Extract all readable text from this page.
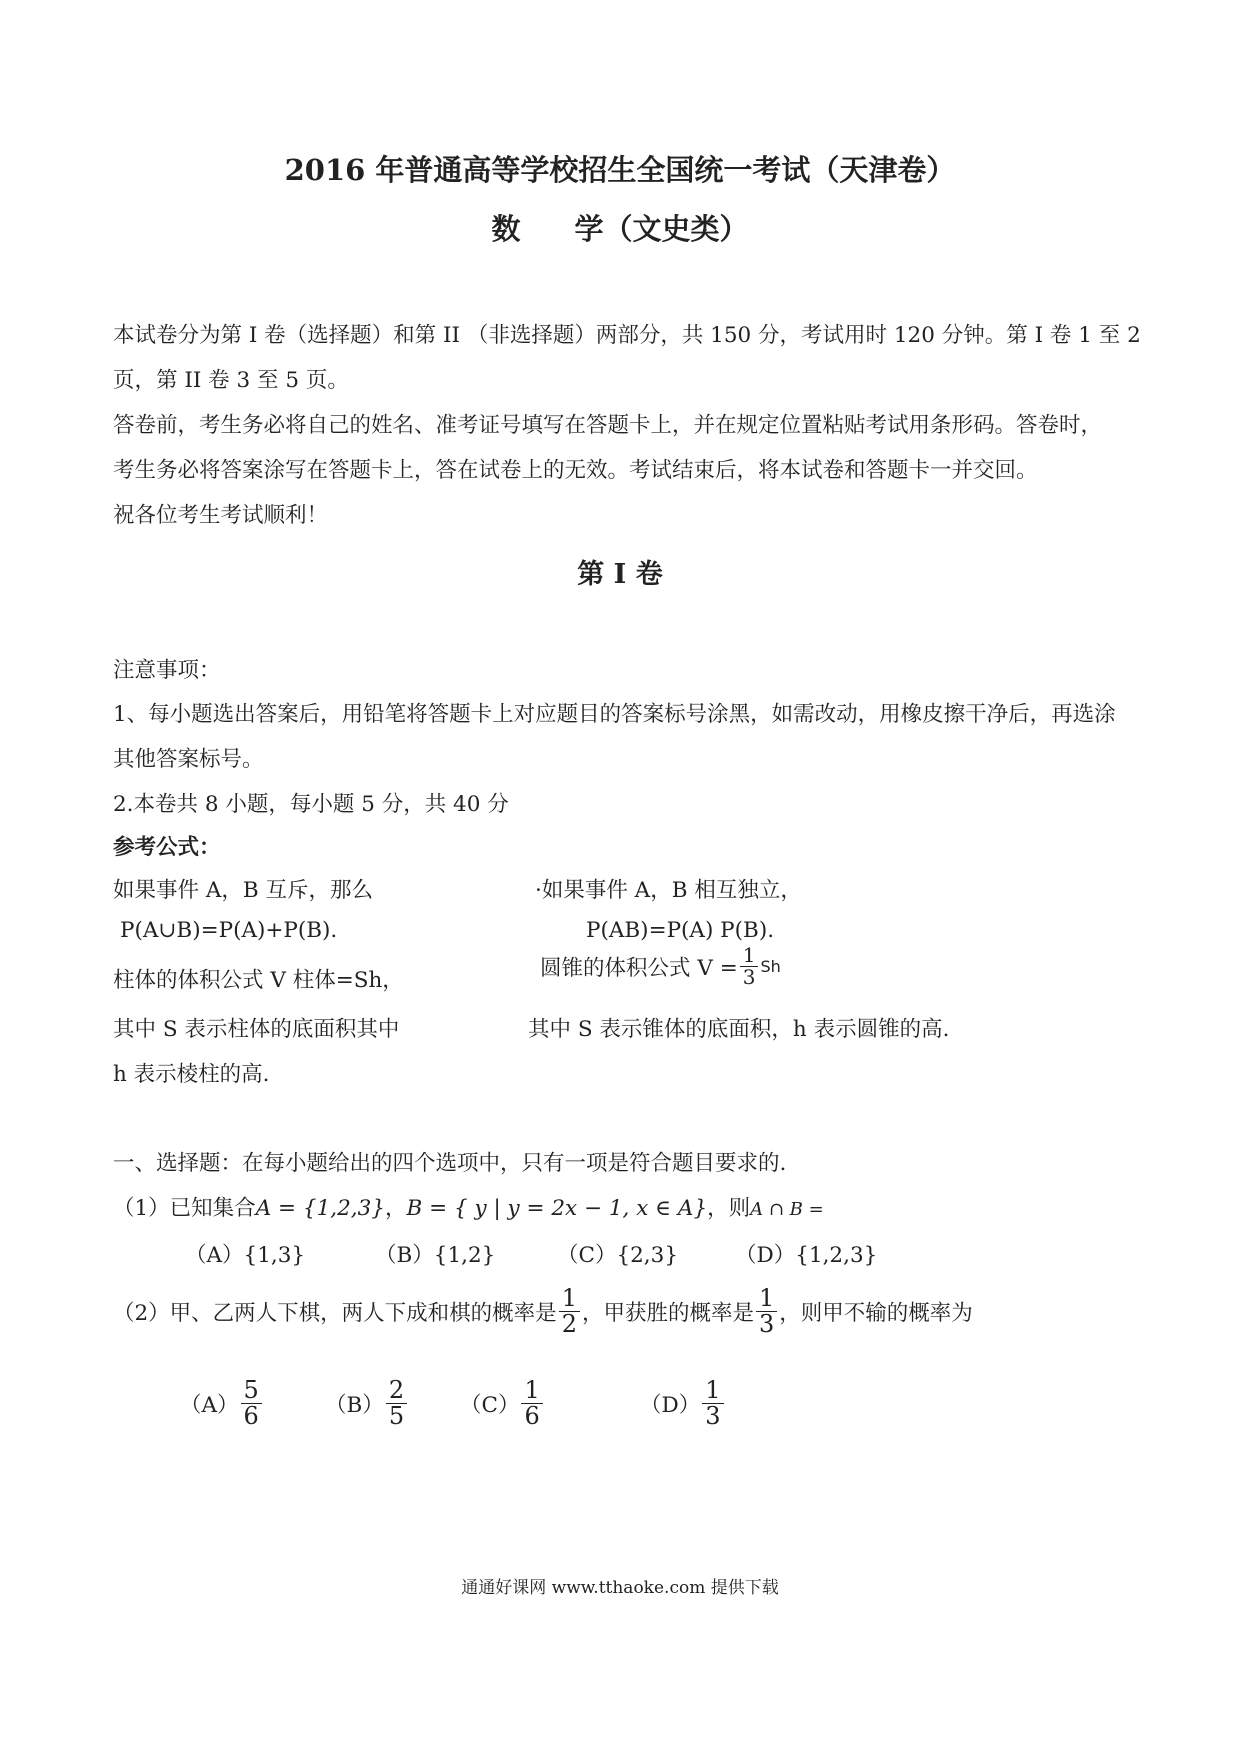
2016 年普通高等学校招生全国统一考试（天津卷）
数 学（文史类）
本试卷分为第 I 卷（选择题）和第 II （非选择题）两部分，共 150 分，考试用时 120 分钟。第 I 卷 1 至 2
页，第 II 卷 3 至 5 页。
答卷前，考生务必将自己的姓名、准考证号填写在答题卡上，并在规定位置粘贴考试用条形码。答卷时，
考生务必将答案涂写在答题卡上，答在试卷上的无效。考试结束后，将本试卷和答题卡一并交回。
祝各位考生考试顺利！
第 I 卷
注意事项：
1、每小题选出答案后，用铅笔将答题卡上对应题目的答案标号涂黑，如需改动，用橡皮擦干净后，再选涂
其他答案标号。
2.本卷共 8 小题，每小题 5 分，共 40 分
参考公式：
如果事件 A，B 互斥，那么	·如果事件 A，B 相互独立，
P(A∪B)=P(A)+P(B).	P(AB)=P(A) P(B).
柱体的体积公式 V 柱体=Sh，	圆锥的体积公式 $V = \frac{1}{3}$ Sh
其中 S 表示柱体的底面积其中	其中 S 表示锥体的底面积，h 表示圆锥的高.
h 表示棱柱的高.
一、选择题：在每小题给出的四个选项中，只有一项是符合题目要求的.
（1）已知集合A = {1,2,3}，B = { y | y = 2x − 1, x ∈ A}，则A ∩ B =
（A）{1,3}	（B）{1,2}	（C）{2,3}	（D）{1,2,3}
（2）甲、乙两人下棋，两人下成和棋的概率是 $\frac{1}{2}$ ，甲获胜的概率是 $\frac{1}{3}$ ，则甲不输的概率为
$(A) \frac{5}{6}$	$(B) \frac{2}{5} (C) \frac{1}{6}$	$(D) \frac{1}{3}$
通通好课网 www.tthaoke.com 提供下载
